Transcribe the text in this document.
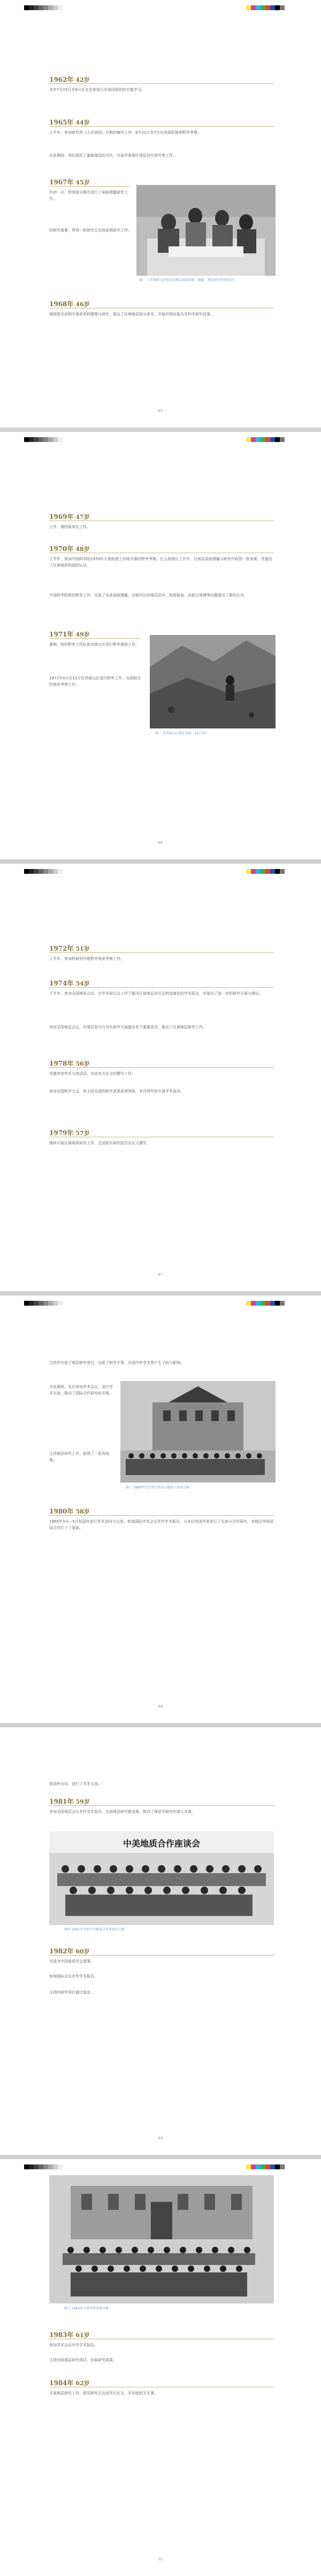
1962年 42岁

本年7月15日至9月在北京参加大庆油田组织的专题学习。

1965年 44岁

上半年，参加研究所《大庆油田》分册的编写工作，6月22日至7月在西部的地质野外考察。

在此期间，率队组织了湖南地层的对比，完成华南地区地层对比研究等工作。

1967年 45岁

年初一去，带领部分组员进行了剖面测量研究工作。

因研究需要，带领一批研究生完成前期研究工作。

图一 工作期间与同事讨论地层剖面资料（摄影：地质研究所资料室）
1968年 46岁

调查组完成相关地质资料整理与研究，提出了区域地层划分意见，并编写相应报告及科学研究成果。

65
1969年 47岁

工作。调回原单位工作。

1970年 48岁

上半年，参加中国科学院1970年大地构造工作组开展的野外考察。在云南地区工作中，在地层剖面测量与研究中取得一批成果，并提出了区域地质构造的认识。

中国科学院组织野外工作，完成了多条剖面测量，对研究区的地层层序、构造格局、岩相古地理等问题提出了新的认识。

1971年 49岁

暑假，组织野外工作队赴西南山区进行野外调查工作。

1971年4月至12月在西南山区进行野外工作，完成相关的地质考察工作。

图二 在西南山区野外考察（1971年）
66
1972年 51岁

上半年，参加科研协作组野外地质考察工作。

1974年 54岁

下半年，参加全国地质会议，在学术研讨会上作了题为区域地层对比及构造演化的学术报告，并提出了进一步的研究方案与建议。

参加全国地层会议，在地层划分与对比研究方面提出若干重要意见，推动了区域地层研究工作。

1978年 56岁

受邀参加学术交流活动，完成有关论文的撰写工作。

参加全国科学大会，所主持完成的研究成果获得奖励，并在研究所开展学术报告。

1979年 57岁

继续开展区域地质研究工作，完成相关研究报告及论文撰写。

67

主持并完成了地层研究项目，出版了相关专著，在国内外学术界产生了较大影响。

在此期间，先后参加学术会议，进行学术交流，推动了国际合作研究的开展。

主持地层研究工作，取得了一系列成果。

图三 1980年代在研究所办公楼前与同事合影
1980年 58岁

1980年3月—5月赴国外进行学术访问与交流，参加国际学术会议并作学术报告，与多位外国学者进行了交流与合作研究，为地层学的国际合作打下了基础。

68

赴国外访问，进行了学术交流。

1981年 59岁

参加全国地层会议并作学术报告，交流地层研究新进展，推动了地层学研究的深入发展。

中美地质合作座谈会
图四 1981年参加中美地质合作座谈会合影
1982年 60岁

当选为中国地质学会理事。

参加国际会议并作学术报告。

主持的研究项目通过鉴定。

69
图五 1982年与研究所同事合影
1983年 61岁

参加学术会议并作学术报告。

主持完成地层研究项目，出版研究成果。

1984年 62岁

开展地层研究工作，指导研究生完成学位论文，并出版相关专著。

70
